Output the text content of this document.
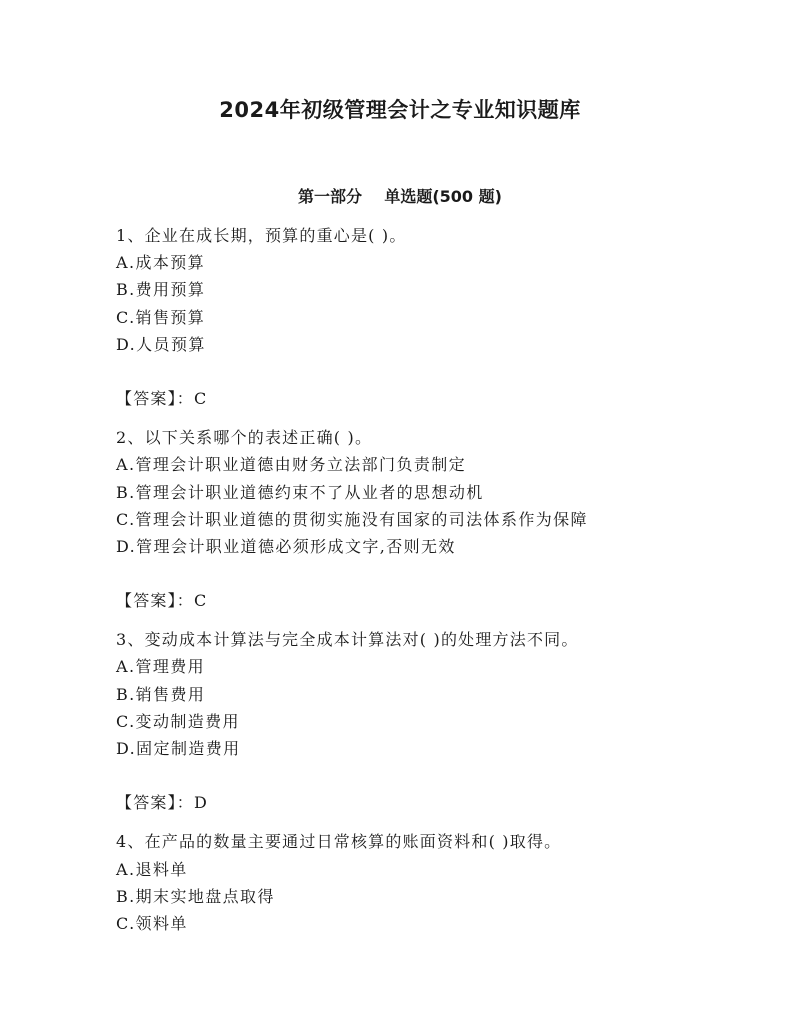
2024年初级管理会计之专业知识题库
第一部分    单选题(500 题)
1、企业在成长期，预算的重心是( )。
A.成本预算
B.费用预算
C.销售预算
D.人员预算
【答案】：C
2、以下关系哪个的表述正确( )。
A.管理会计职业道德由财务立法部门负责制定
B.管理会计职业道德约束不了从业者的思想动机
C.管理会计职业道德的贯彻实施没有国家的司法体系作为保障
D.管理会计职业道德必须形成文字,否则无效
【答案】：C
3、变动成本计算法与完全成本计算法对( )的处理方法不同。
A.管理费用
B.销售费用
C.变动制造费用
D.固定制造费用
【答案】：D
4、在产品的数量主要通过日常核算的账面资料和( )取得。
A.退料单
B.期末实地盘点取得
C.领料单
